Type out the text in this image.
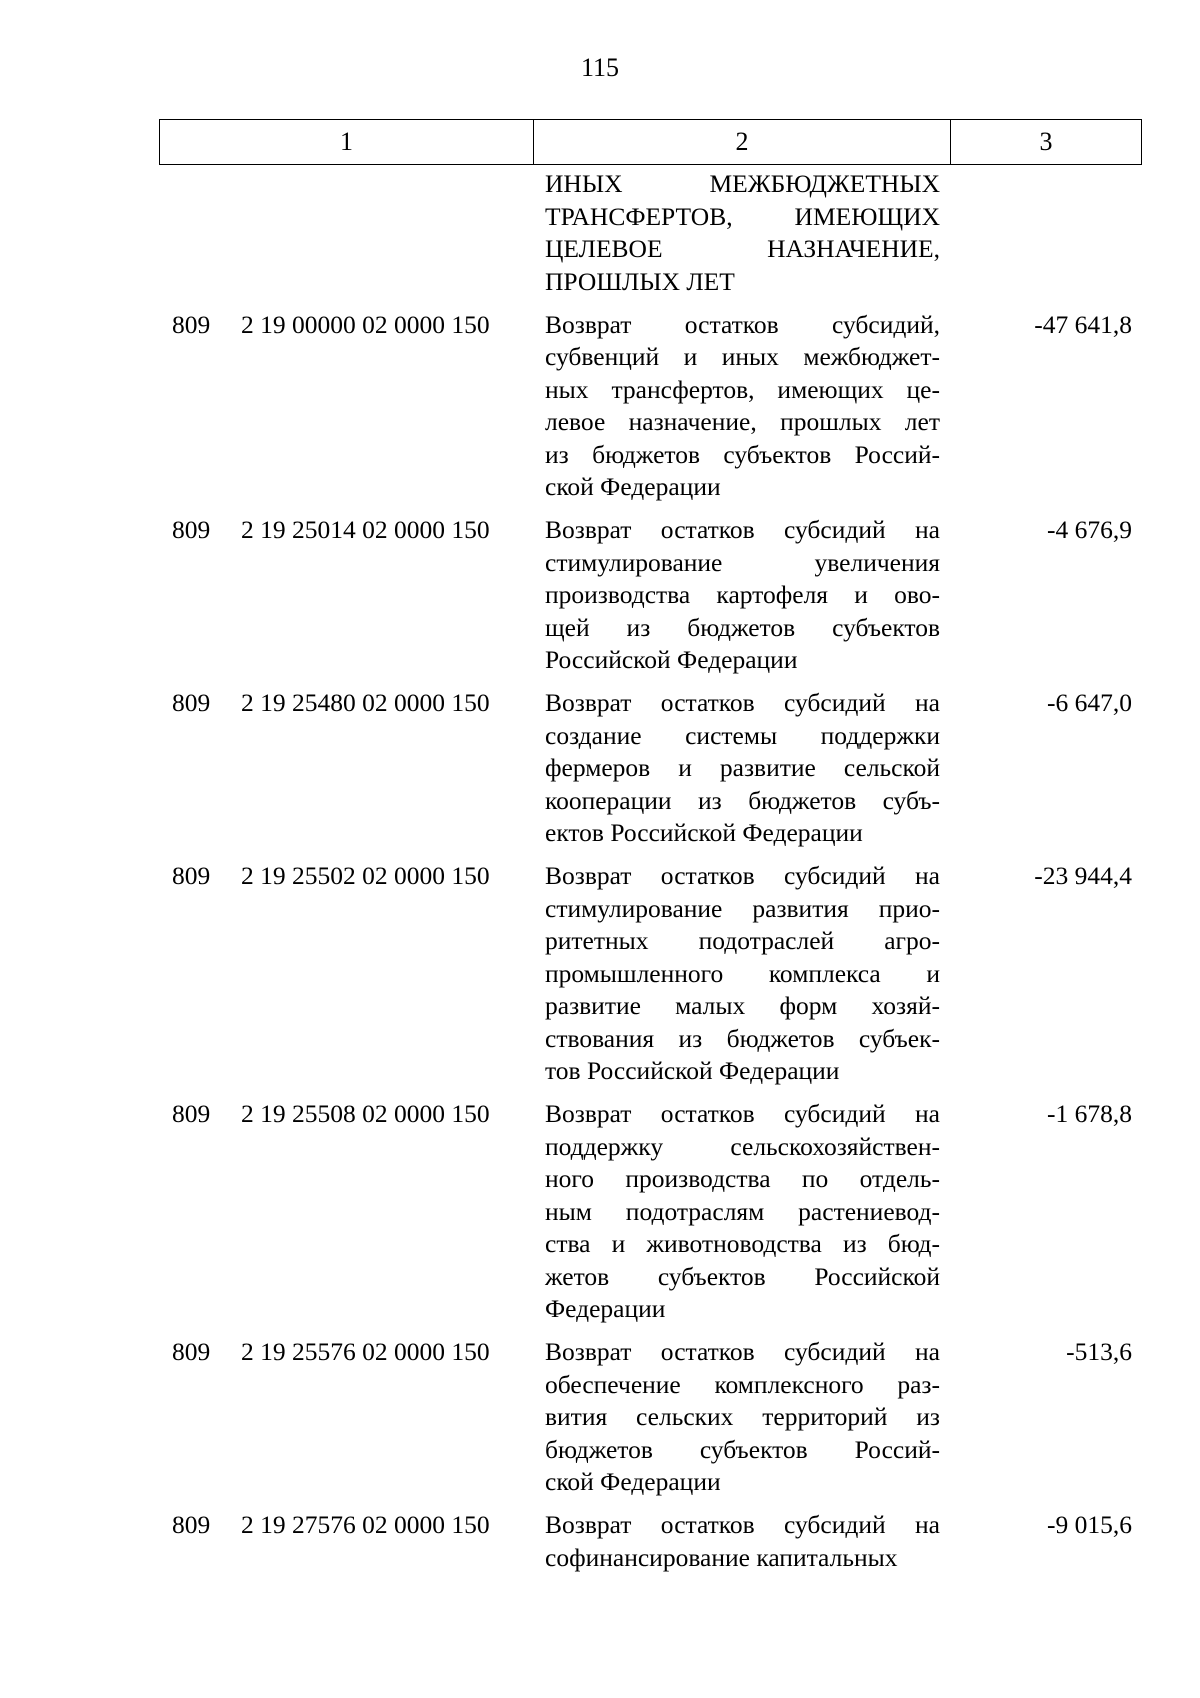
115
1	2	3
ИНЫХ МЕЖБЮДЖЕТНЫХ
ТРАНСФЕРТОВ, ИМЕЮЩИХ
ЦЕЛЕВОЕ НАЗНАЧЕНИЕ,
ПРОШЛЫХ ЛЕТ
809	2 19 00000 02 0000 150	Возврат остатков субсидий,
субвенций и иных межбюджет-
ных трансфертов, имеющих це-
левое назначение, прошлых лет
из бюджетов субъектов Россий-
ской Федерации
-47 641,8
809	2 19 25014 02 0000 150	Возврат остатков субсидий на
стимулирование увеличения
производства картофеля и ово-
щей из бюджетов субъектов
Российской Федерации
-4 676,9
809	2 19 25480 02 0000 150	Возврат остатков субсидий на
создание системы поддержки
фермеров и развитие сельской
кооперации из бюджетов субъ-
ектов Российской Федерации
-6 647,0
809	2 19 25502 02 0000 150	Возврат остатков субсидий на
стимулирование развития прио-
ритетных подотраслей агро-
промышленного комплекса и
развитие малых форм хозяй-
ствования из бюджетов субъек-
тов Российской Федерации
-23 944,4
809	2 19 25508 02 0000 150	Возврат остатков субсидий на
поддержку сельскохозяйствен-
ного производства по отдель-
ным подотраслям растениевод-
ства и животноводства из бюд-
жетов субъектов Российской
Федерации
-1 678,8
809	2 19 25576 02 0000 150	Возврат остатков субсидий на
обеспечение комплексного раз-
вития сельских территорий из
бюджетов субъектов Россий-
ской Федерации
-513,6
809	2 19 27576 02 0000 150	Возврат остатков субсидий на
софинансирование капитальных
-9 015,6
